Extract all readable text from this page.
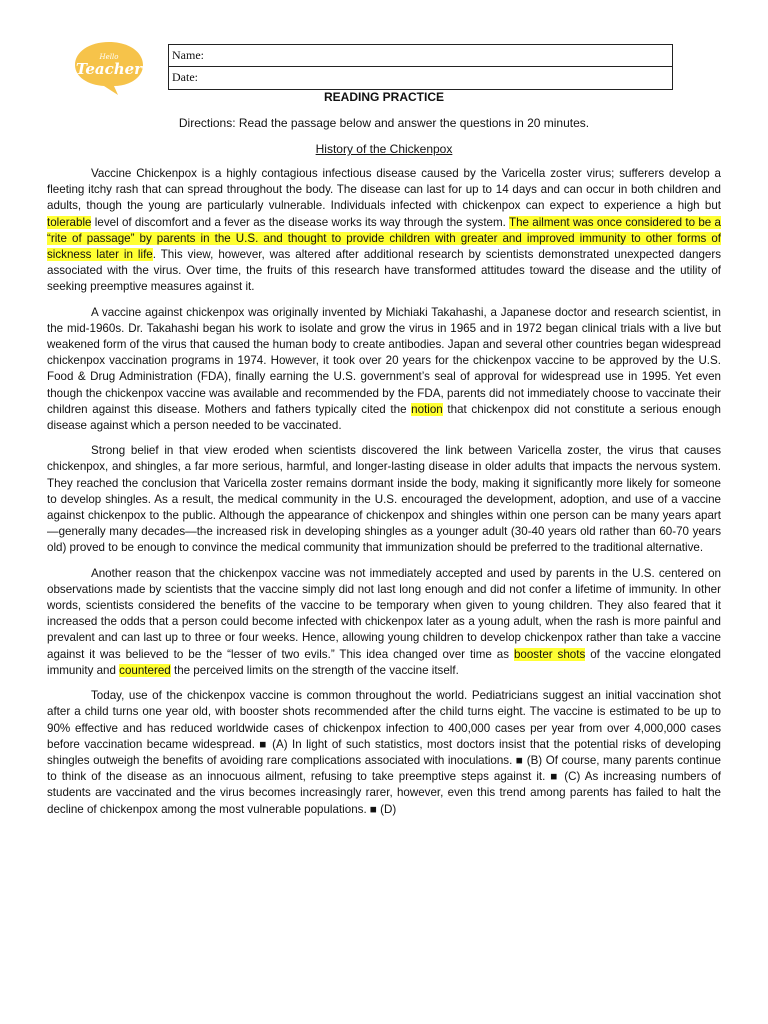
Hello
Teacher
Name:
Date:
READING PRACTICE
Directions: Read the passage below and answer the questions in 20 minutes.
History of the Chickenpox

Vaccine Chickenpox is a highly contagious infectious disease caused by the Varicella zoster virus; sufferers develop a fleeting itchy rash that can spread throughout the body. The disease can last for up to 14 days and can occur in both children and adults, though the young are particularly vulnerable. Individuals infected with chickenpox can expect to experience a high but tolerable level of discomfort and a fever as the disease works its way through the system. The ailment was once considered to be a “rite of passage” by parents in the U.S. and thought to provide children with greater and improved immunity to other forms of sickness later in life. This view, however, was altered after additional research by scientists demonstrated unexpected dangers associated with the virus. Over time, the fruits of this research have transformed attitudes toward the disease and the utility of seeking preemptive measures against it.

A vaccine against chickenpox was originally invented by Michiaki Takahashi, a Japanese doctor and research scientist, in the mid-1960s. Dr. Takahashi began his work to isolate and grow the virus in 1965 and in 1972 began clinical trials with a live but weakened form of the virus that caused the human body to create antibodies. Japan and several other countries began widespread chickenpox vaccination programs in 1974. However, it took over 20 years for the chickenpox vaccine to be approved by the U.S. Food & Drug Administration (FDA), finally earning the U.S. government’s seal of approval for widespread use in 1995. Yet even though the chickenpox vaccine was available and recommended by the FDA, parents did not immediately choose to vaccinate their children against this disease. Mothers and fathers typically cited the notion that chickenpox did not constitute a serious enough disease against which a person needed to be vaccinated.

Strong belief in that view eroded when scientists discovered the link between Varicella zoster, the virus that causes chickenpox, and shingles, a far more serious, harmful, and longer-lasting disease in older adults that impacts the nervous system. They reached the conclusion that Varicella zoster remains dormant inside the body, making it significantly more likely for someone to develop shingles. As a result, the medical community in the U.S. encouraged the development, adoption, and use of a vaccine against chickenpox to the public. Although the appearance of chickenpox and shingles within one person can be many years apart—generally many decades—the increased risk in developing shingles as a younger adult (30-40 years old rather than 60-70 years old) proved to be enough to convince the medical community that immunization should be preferred to the traditional alternative.

Another reason that the chickenpox vaccine was not immediately accepted and used by parents in the U.S. centered on observations made by scientists that the vaccine simply did not last long enough and did not confer a lifetime of immunity. In other words, scientists considered the benefits of the vaccine to be temporary when given to young children. They also feared that it increased the odds that a person could become infected with chickenpox later as a young adult, when the rash is more painful and prevalent and can last up to three or four weeks. Hence, allowing young children to develop chickenpox rather than take a vaccine against it was believed to be the “lesser of two evils.” This idea changed over time as booster shots of the vaccine elongated immunity and countered the perceived limits on the strength of the vaccine itself.

Today, use of the chickenpox vaccine is common throughout the world. Pediatricians suggest an initial vaccination shot after a child turns one year old, with booster shots recommended after the child turns eight. The vaccine is estimated to be up to 90% effective and has reduced worldwide cases of chickenpox infection to 400,000 cases per year from over 4,000,000 cases before vaccination became widespread. ■ (A) In light of such statistics, most doctors insist that the potential risks of developing shingles outweigh the benefits of avoiding rare complications associated with inoculations. ■ (B) Of course, many parents continue to think of the disease as an innocuous ailment, refusing to take preemptive steps against it. ■ (C) As increasing numbers of students are vaccinated and the virus becomes increasingly rarer, however, even this trend among parents has failed to halt the decline of chickenpox among the most vulnerable populations. ■ (D)
